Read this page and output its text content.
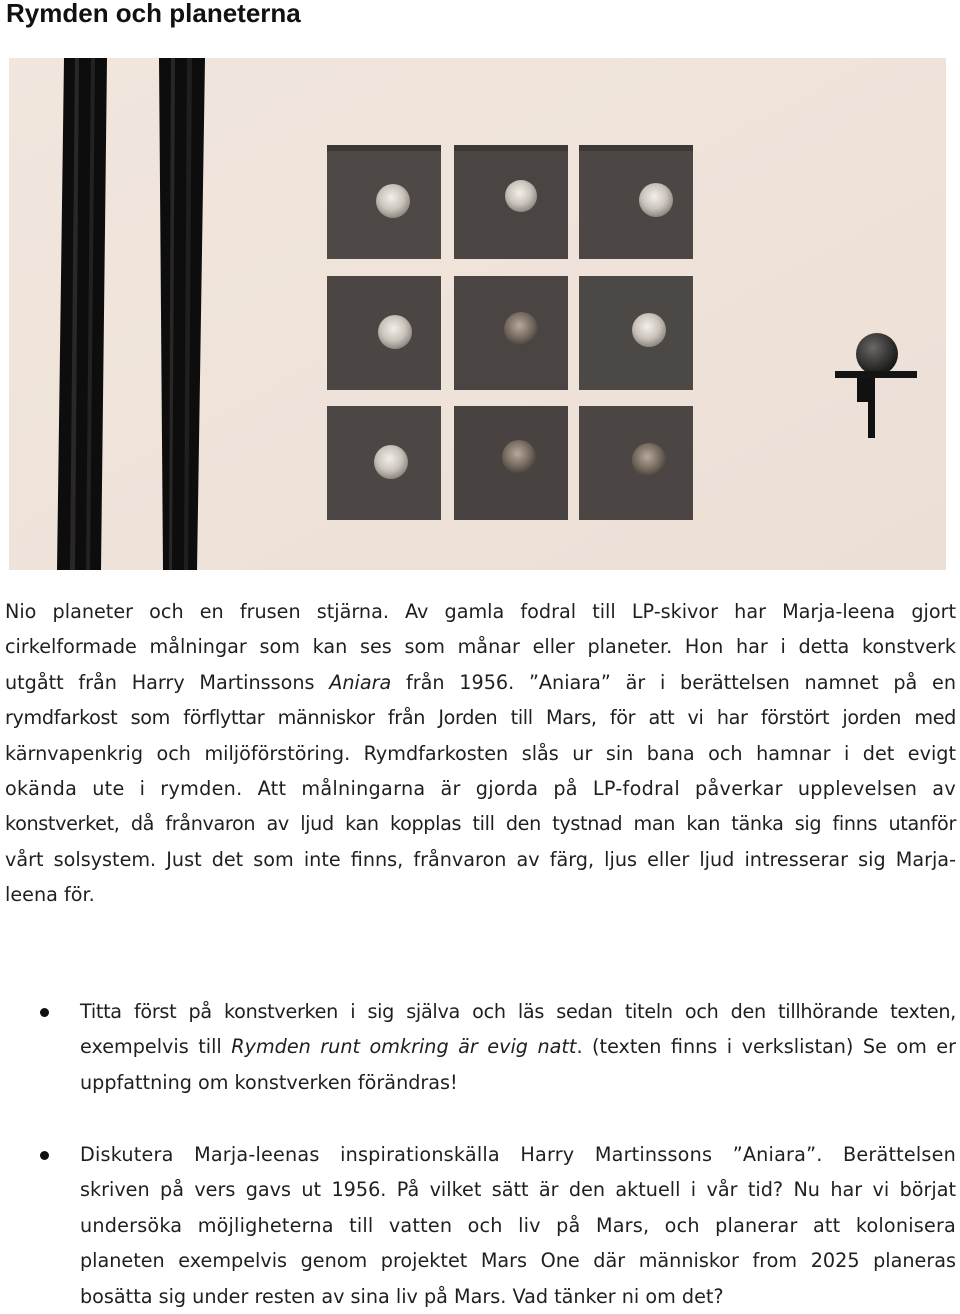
Rymden och planeterna
Nio planeter och en frusen stjärna. Av gamla fodral till LP-skivor har Marja-leena gjort
cirkelformade målningar som kan ses som månar eller planeter. Hon har i detta konstverk
utgått från Harry Martinssons Aniara från 1956. ”Aniara” är i berättelsen namnet på en
rymdfarkost som förflyttar människor från Jorden till Mars, för att vi har förstört jorden med
kärnvapenkrig och miljöförstöring. Rymdfarkosten slås ur sin bana och hamnar i det evigt
okända ute i rymden. Att målningarna är gjorda på LP-fodral påverkar upplevelsen av
konstverket, då frånvaron av ljud kan kopplas till den tystnad man kan tänka sig finns utanför
vårt solsystem. Just det som inte finns, frånvaron av färg, ljus eller ljud intresserar sig Marja-
leena för.
Titta först på konstverken i sig själva och läs sedan titeln och den tillhörande texten,
exempelvis till Rymden runt omkring är evig natt. (texten finns i verkslistan) Se om er
uppfattning om konstverken förändras!
Diskutera Marja-leenas inspirationskälla Harry Martinssons ”Aniara”. Berättelsen
skriven på vers gavs ut 1956. På vilket sätt är den aktuell i vår tid? Nu har vi börjat
undersöka möjligheterna till vatten och liv på Mars, och planerar att kolonisera
planeten exempelvis genom projektet Mars One där människor from 2025 planeras
bosätta sig under resten av sina liv på Mars. Vad tänker ni om det?
